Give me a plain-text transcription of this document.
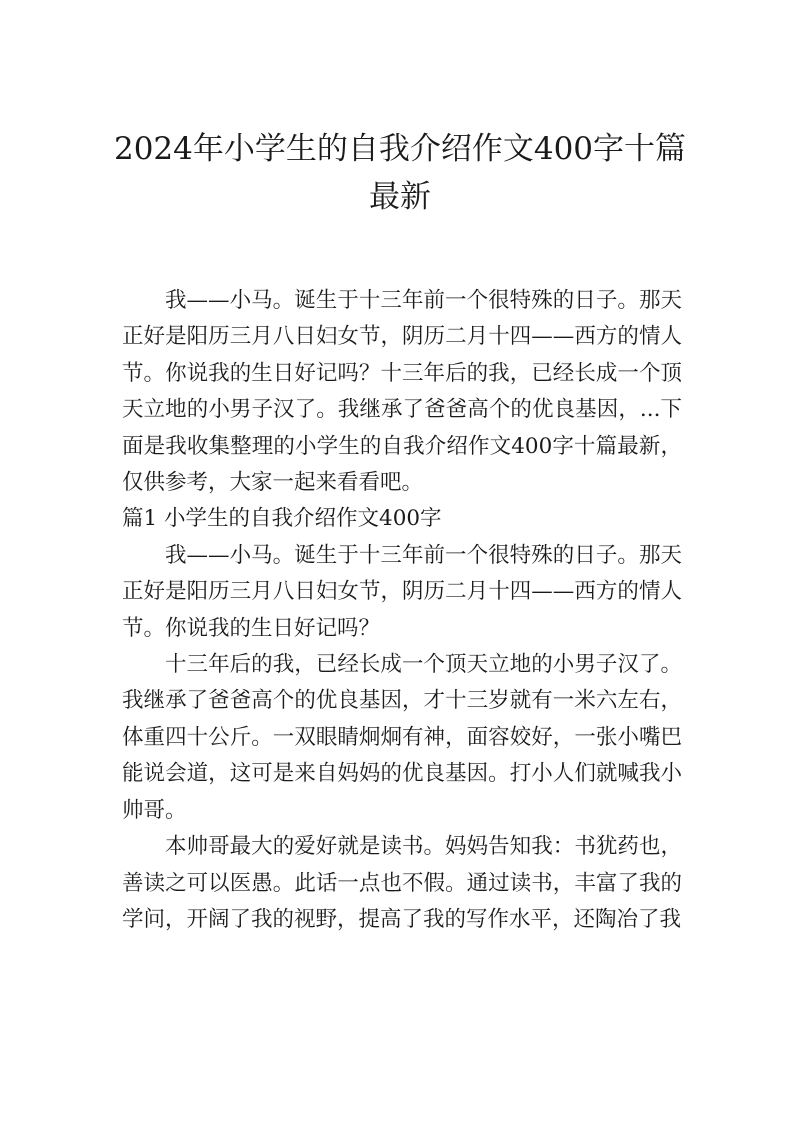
2024年小学生的自我介绍作文400字十篇
最新

我——小马。诞生于十三年前一个很特殊的日子。那天正好是阳历三月八日妇女节，阴历二月十四——西方的情人节。你说我的生日好记吗？十三年后的我，已经长成一个顶天立地的小男子汉了。我继承了爸爸高个的优良基因，...下面是我收集整理的小学生的自我介绍作文400字十篇最新，仅供参考，大家一起来看看吧。

篇1 小学生的自我介绍作文400字

我——小马。诞生于十三年前一个很特殊的日子。那天正好是阳历三月八日妇女节，阴历二月十四——西方的情人节。你说我的生日好记吗？

十三年后的我，已经长成一个顶天立地的小男子汉了。我继承了爸爸高个的优良基因，才十三岁就有一米六左右，体重四十公斤。一双眼睛炯炯有神，面容姣好，一张小嘴巴能说会道，这可是来自妈妈的优良基因。打小人们就喊我小帅哥。

本帅哥最大的爱好就是读书。妈妈告知我：书犹药也，善读之可以医愚。此话一点也不假。通过读书，丰富了我的学问，开阔了我的视野，提高了我的写作水平，还陶冶了我
